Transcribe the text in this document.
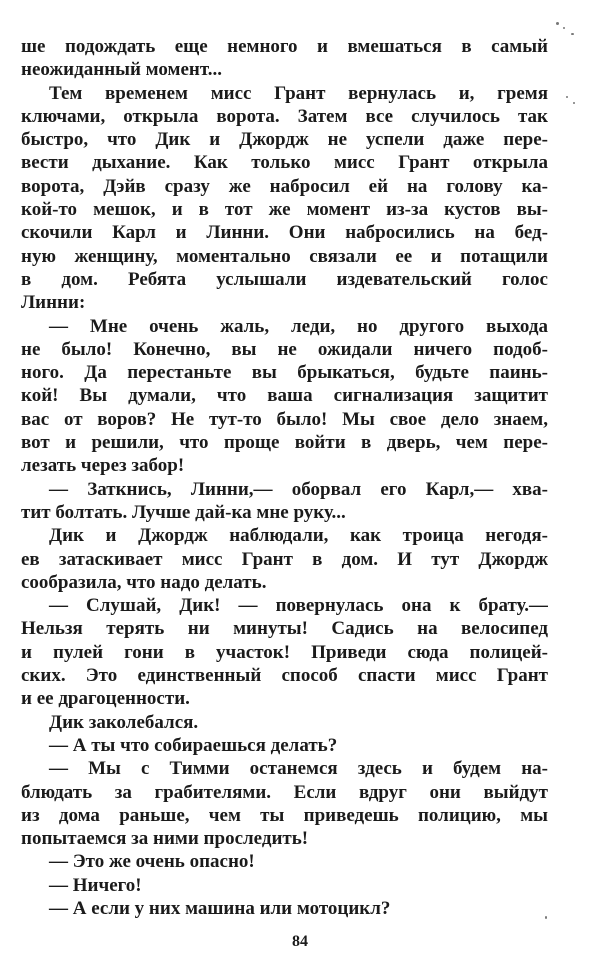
ше подождать еще немного и вмешаться в самый
неожиданный момент...
Тем временем мисс Грант вернулась и, гремя
ключами, открыла ворота. Затем все случилось так
быстро, что Дик и Джордж не успели даже пере-
вести дыхание. Как только мисс Грант открыла
ворота, Дэйв сразу же набросил ей на голову ка-
кой-то мешок, и в тот же момент из-за кустов вы-
скочили Карл и Линни. Они набросились на бед-
ную женщину, моментально связали ее и потащили
в дом. Ребята услышали издевательский голос
Линни:
— Мне очень жаль, леди, но другого выхода
не было! Конечно, вы не ожидали ничего подоб-
ного. Да перестаньте вы брыкаться, будьте паинь-
кой! Вы думали, что ваша сигнализация защитит
вас от воров? Не тут-то было! Мы свое дело знаем,
вот и решили, что проще войти в дверь, чем пере-
лезать через забор!
— Заткнись, Линни,— оборвал его Карл,— хва-
тит болтать. Лучше дай-ка мне руку...
Дик и Джордж наблюдали, как троица негодя-
ев затаскивает мисс Грант в дом. И тут Джордж
сообразила, что надо делать.
— Слушай, Дик! — повернулась она к брату.—
Нельзя терять ни минуты! Садись на велосипед
и пулей гони в участок! Приведи сюда полицей-
ских. Это единственный способ спасти мисс Грант
и ее драгоценности.
Дик заколебался.
— А ты что собираешься делать?
— Мы с Тимми останемся здесь и будем на-
блюдать за грабителями. Если вдруг они выйдут
из дома раньше, чем ты приведешь полицию, мы
попытаемся за ними проследить!
— Это же очень опасно!
— Ничего!
— А если у них машина или мотоцикл?
84
